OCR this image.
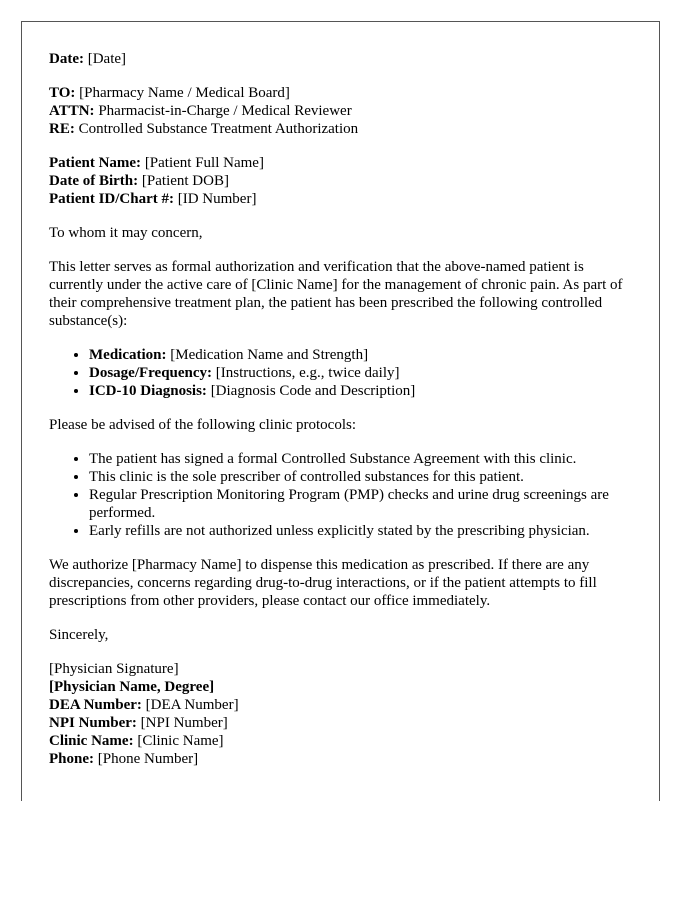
Date: [Date]

TO: [Pharmacy Name / Medical Board]

ATTN: Pharmacist-in-Charge / Medical Reviewer

RE: Controlled Substance Treatment Authorization

Patient Name: [Patient Full Name]

Date of Birth: [Patient DOB]

Patient ID/Chart #: [ID Number]

To whom it may concern,

This letter serves as formal authorization and verification that the above-named patient is currently under the active care of [Clinic Name] for the management of chronic pain. As part of their comprehensive treatment plan, the patient has been prescribed the following controlled substance(s):

• Medication: [Medication Name and Strength]
• Dosage/Frequency: [Instructions, e.g., twice daily]
• ICD-10 Diagnosis: [Diagnosis Code and Description]

Please be advised of the following clinic protocols:

• The patient has signed a formal Controlled Substance Agreement with this clinic.
• This clinic is the sole prescriber of controlled substances for this patient.
• Regular Prescription Monitoring Program (PMP) checks and urine drug screenings are performed.
• Early refills are not authorized unless explicitly stated by the prescribing physician.

We authorize [Pharmacy Name] to dispense this medication as prescribed. If there are any discrepancies, concerns regarding drug-to-drug interactions, or if the patient attempts to fill prescriptions from other providers, please contact our office immediately.

Sincerely,

[Physician Signature]

[Physician Name, Degree]

DEA Number: [DEA Number]

NPI Number: [NPI Number]

Clinic Name: [Clinic Name]

Phone: [Phone Number]
